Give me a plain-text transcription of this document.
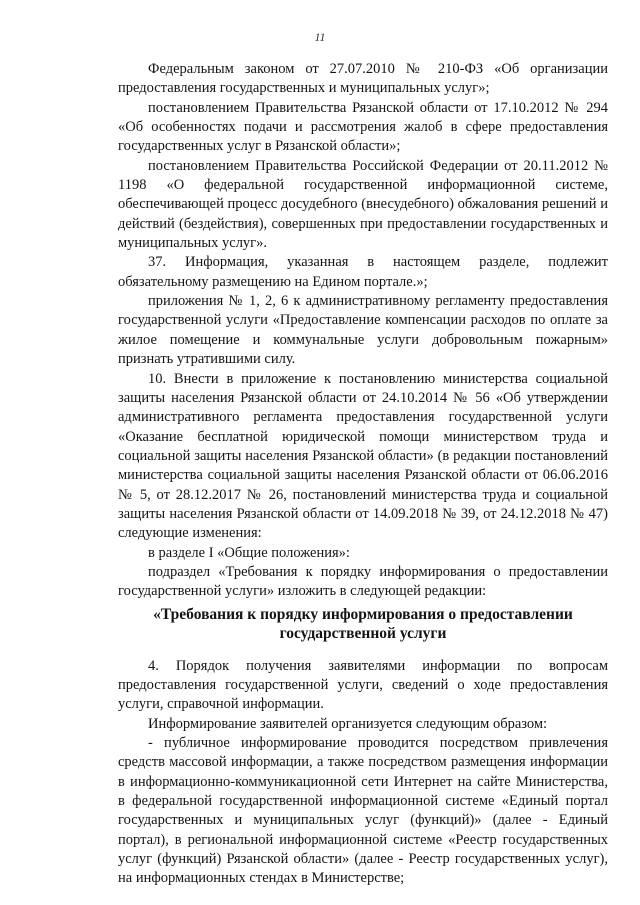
11

Федеральным законом от 27.07.2010 № 210-ФЗ «Об организации предоставления государственных и муниципальных услуг»;

постановлением Правительства Рязанской области от 17.10.2012 № 294 «Об особенностях подачи и рассмотрения жалоб в сфере предоставления государственных услуг в Рязанской области»;

постановлением Правительства Российской Федерации от 20.11.2012 № 1198 «О федеральной государственной информационной системе, обеспечивающей процесс досудебного (внесудебного) обжалования решений и действий (бездействия), совершенных при предоставлении государственных и муниципальных услуг».

37. Информация, указанная в настоящем разделе, подлежит обязательному размещению на Едином портале.»;

приложения № 1, 2, 6 к административному регламенту предоставления государственной услуги «Предоставление компенсации расходов по оплате за жилое помещение и коммунальные услуги добровольным пожарным» признать утратившими силу.

10. Внести в приложение к постановлению министерства социальной защиты населения Рязанской области от 24.10.2014 № 56 «Об утверждении административного регламента предоставления государственной услуги «Оказание бесплатной юридической помощи министерством труда и социальной защиты населения Рязанской области» (в редакции постановлений министерства социальной защиты населения Рязанской области от 06.06.2016 № 5, от 28.12.2017 № 26, постановлений министерства труда и социальной защиты населения Рязанской области от 14.09.2018 № 39, от 24.12.2018 № 47) следующие изменения:

в разделе I «Общие положения»:

подраздел «Требования к порядку информирования о предоставлении государственной услуги» изложить в следующей редакции:

«Требования к порядку информирования о предоставлении государственной услуги

4. Порядок получения заявителями информации по вопросам предоставления государственной услуги, сведений о ходе предоставления услуги, справочной информации.

Информирование заявителей организуется следующим образом:

- публичное информирование проводится посредством привлечения средств массовой информации, а также посредством размещения информации в информационно-коммуникационной сети Интернет на сайте Министерства, в федеральной государственной информационной системе «Единый портал государственных и муниципальных услуг (функций)» (далее - Единый портал), в региональной информационной системе «Реестр государственных услуг (функций) Рязанской области» (далее - Реестр государственных услуг), на информационных стендах в Министерстве;
